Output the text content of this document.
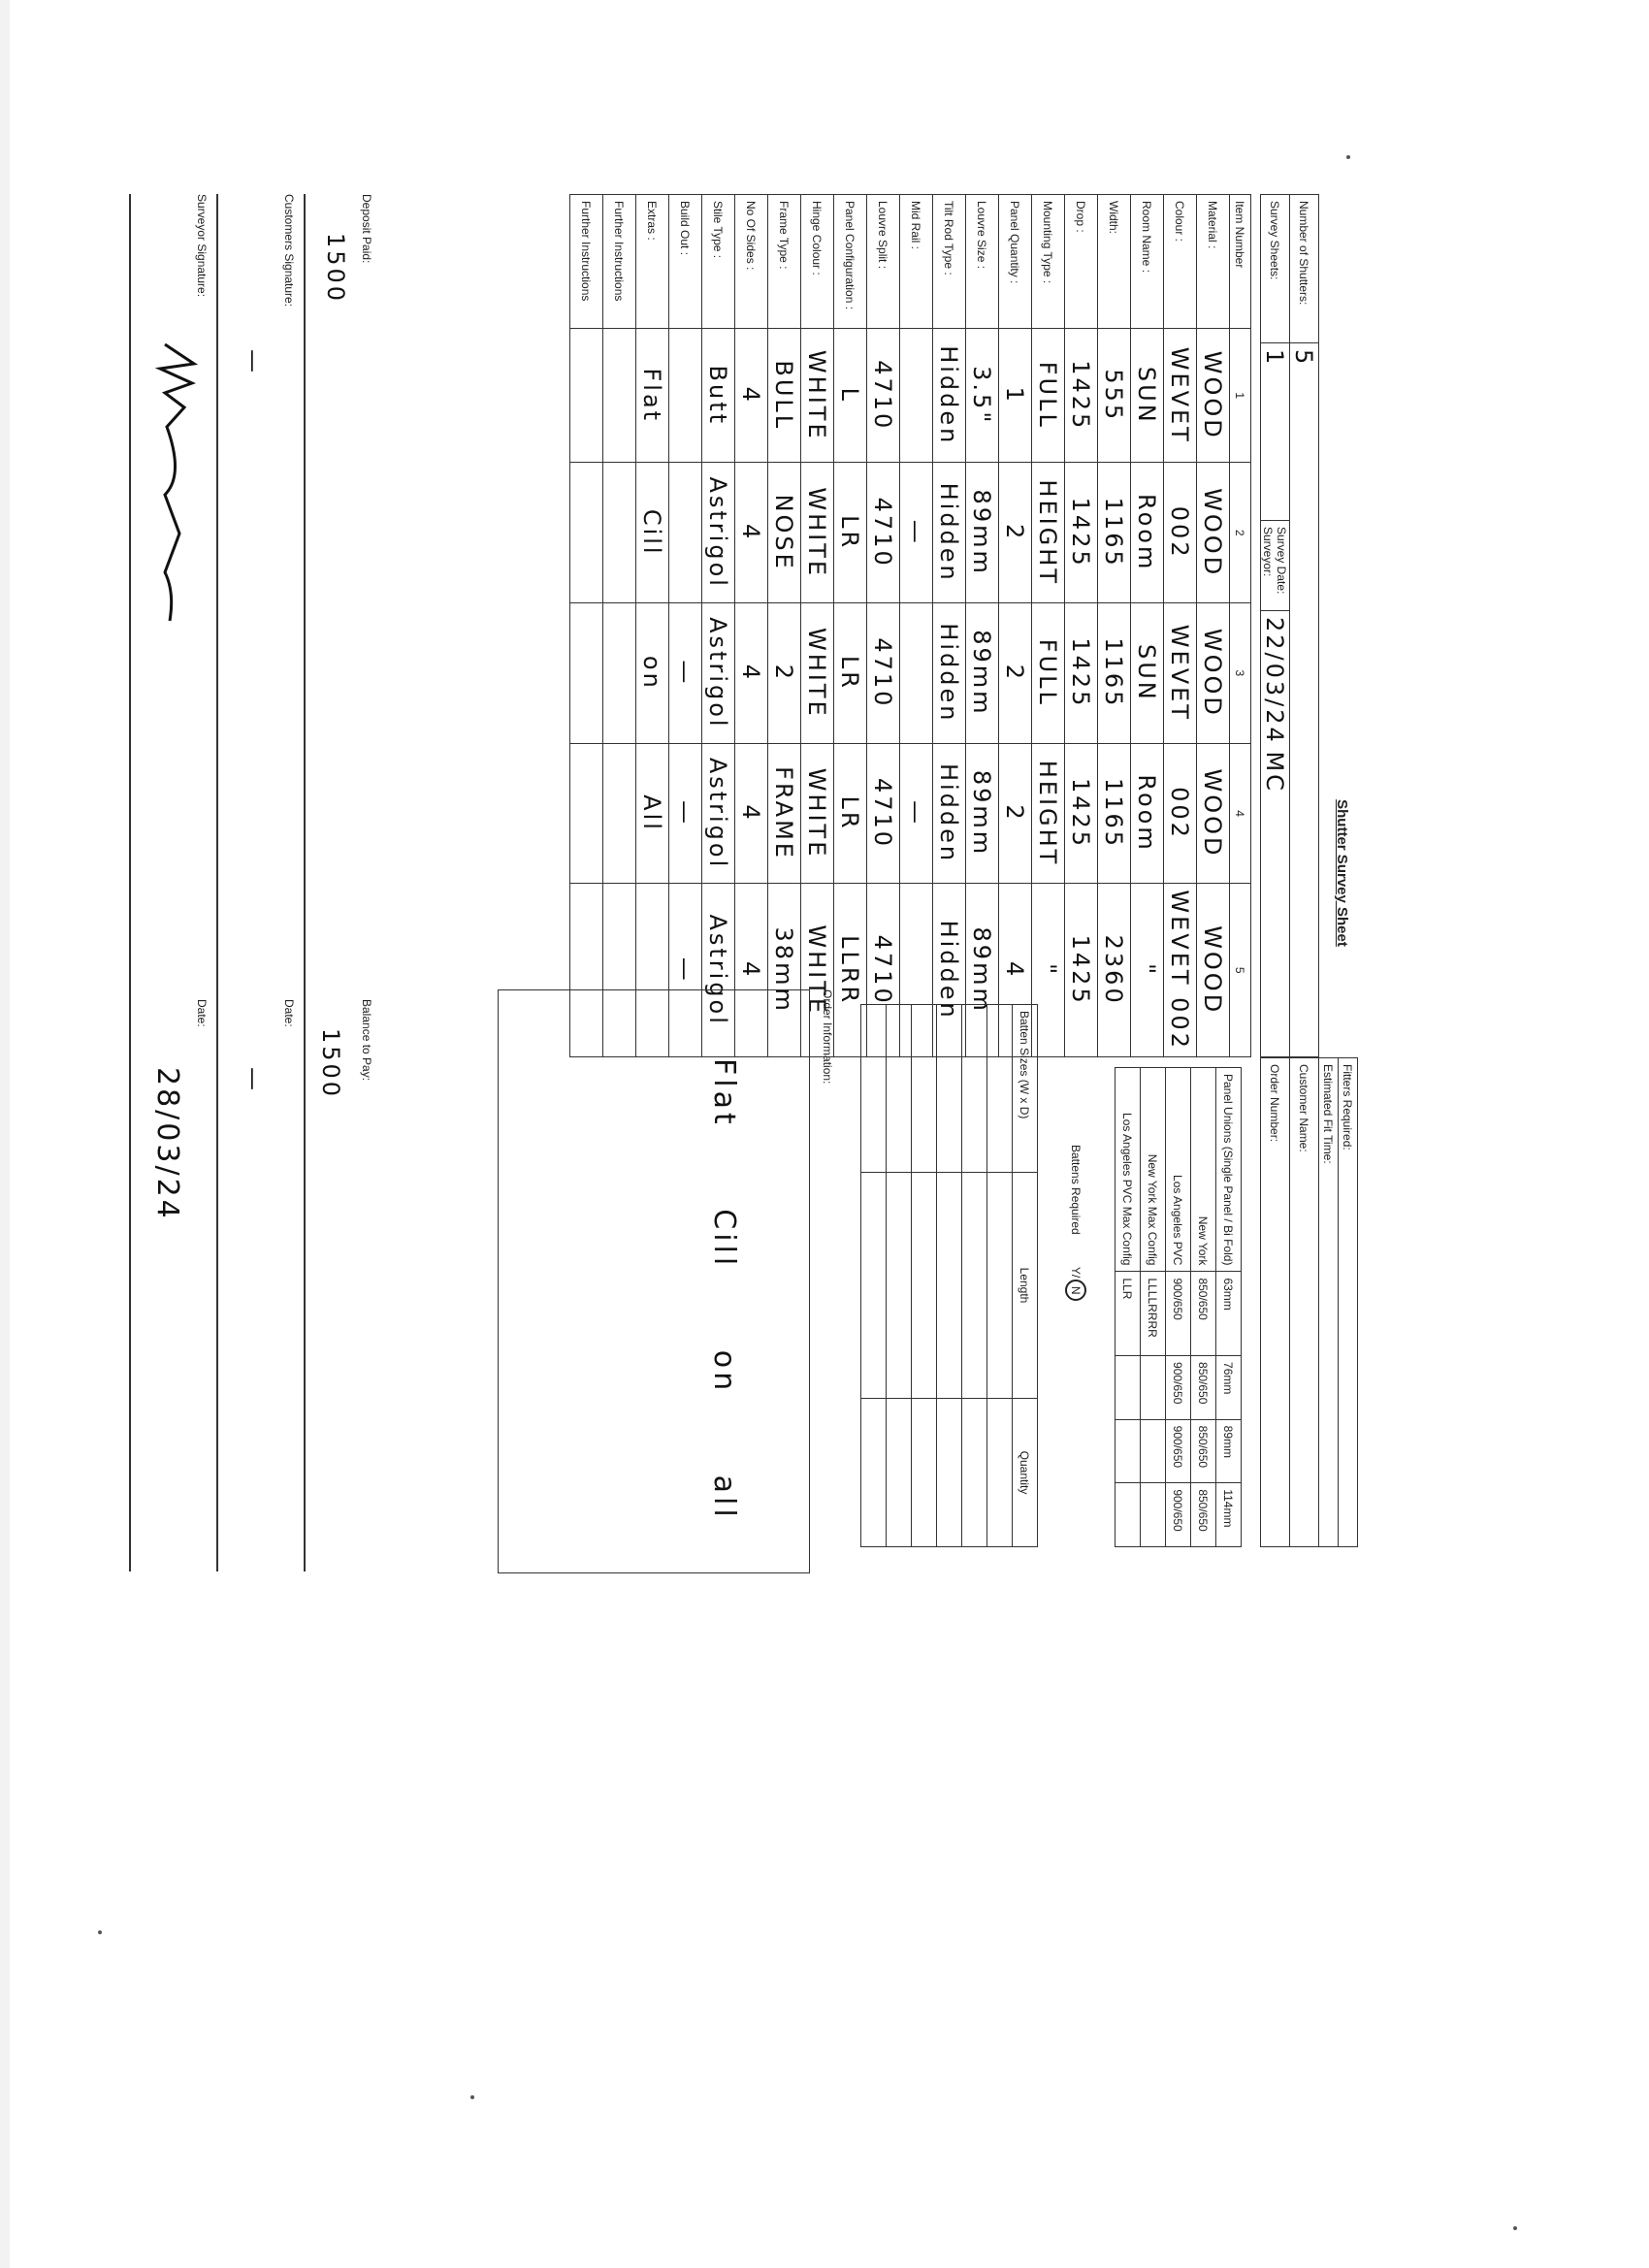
Shutter Survey Sheet
Number of Shutters:	5		
Survey Sheets:	1	Survey Date:
Surveyor:	22/03/24  MC
Customer Name:
Order Number:	Fitters Required:
Estimated Fit Time:
Item Number	1	2	3	4	5
Material :	WOOD	WOOD	WOOD	WOOD	WOOD
Colour :	WEVET	002	WEVET	002	WEVET 002
Room Name :	SUN	Room	SUN	Room	"
Width:	555	1165	1165	1165	2360
Drop :	1425	1425	1425	1425	1425
Mounting Type :	FULL	HEIGHT	FULL	HEIGHT	"
Panel Quantity :	1	2	2	2	4
Louvre Size :	3.5"	89mm	89mm	89mm	89mm
Tilt Rod Type :	Hidden	Hidden	Hidden	Hidden	Hidden
Mid Rail :		—		—	
Louvre Split :	4710	4710	4710	4710	4710
Panel Configuration :	L	LR	LR	LR	LLRR
Hinge Colour :	WHITE	WHITE	WHITE	WHITE	WHITE
Frame Type :	BULL	NOSE	2	FRAME	38mm
No Of Sides :	4	4	4	4	4
Stile Type :	Butt	Astrigol	Astrigol	Astrigol	Astrigol
Build Out :			—	—	—
Extras :	Flat	Cill	on	All	
Further Instructions					
Further Instructions					
Panel Unions (Single Panel / Bi Fold)	63mm	76mm	89mm	114mm
New York	850/650	850/650	850/650	850/650
Los Angeles PVC	900/650	900/650	900/650	900/650
New York Max Config	LLLLRRRR			
Los Angeles PVC Max Config	LLR			
Battens Required          Y/N
Batten Sizes (W x D)	Length	Quantity

Order Information:
Flat Cill on all
Deposit Paid:
1500
Balance to Pay:
1500
Customers Signature:
—
Date:
—
Surveyor Signature:
Date:
28/03/24
